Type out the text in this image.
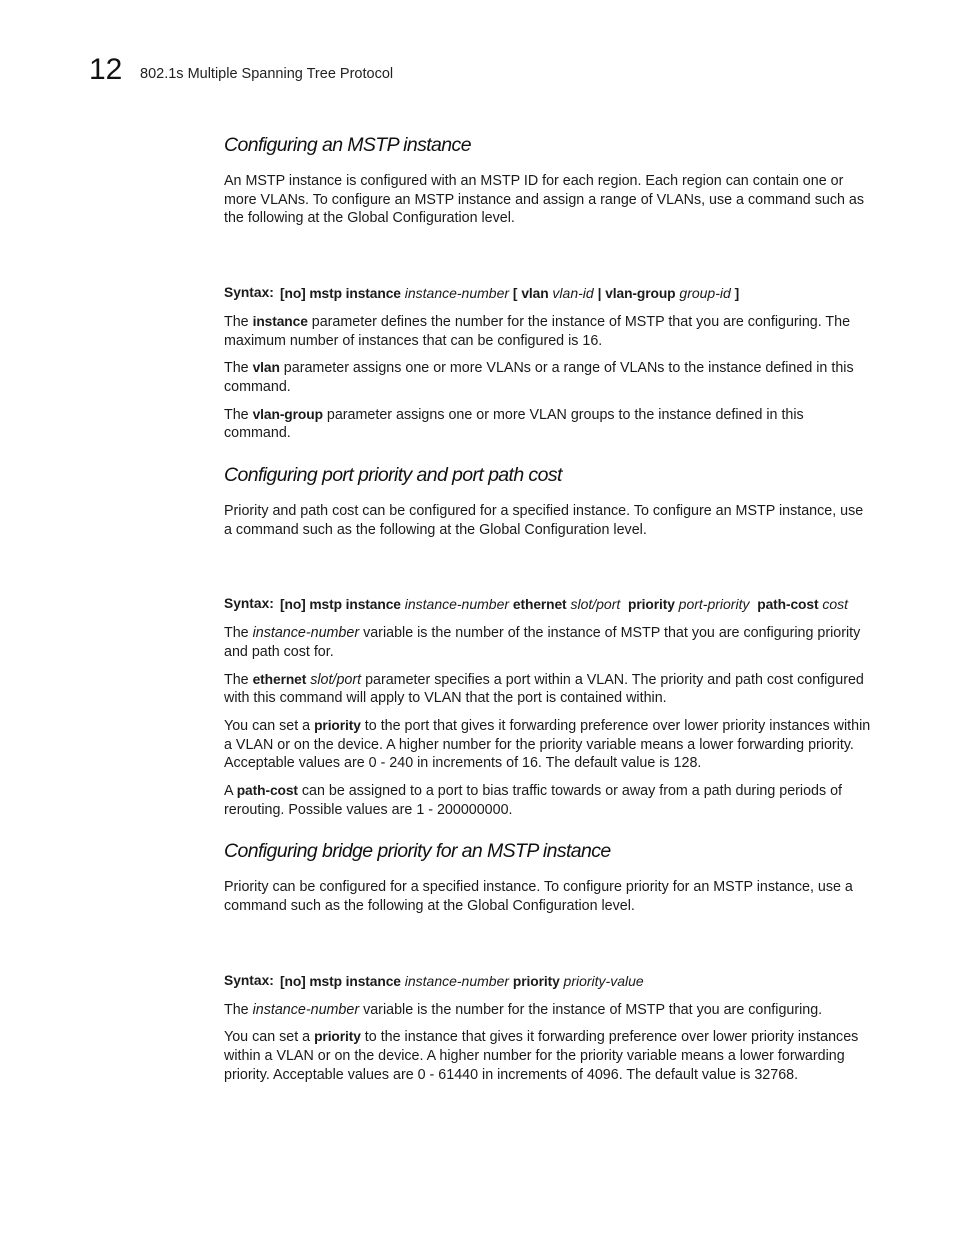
12 802.1s Multiple Spanning Tree Protocol
Configuring an MSTP instance

An MSTP instance is configured with an MSTP ID for each region. Each region can contain one or more VLANs. To configure an MSTP instance and assign a range of VLANs, use a command such as the following at the Global Configuration level.

Syntax: [no] mstp instance instance-number [ vlan vlan-id | vlan-group group-id ]

The instance parameter defines the number for the instance of MSTP that you are configuring. The maximum number of instances that can be configured is 16.

The vlan parameter assigns one or more VLANs or a range of VLANs to the instance defined in this command.

The vlan-group parameter assigns one or more VLAN groups to the instance defined in this command.

Configuring port priority and port path cost

Priority and path cost can be configured for a specified instance. To configure an MSTP instance, use a command such as the following at the Global Configuration level.

Syntax: [no] mstp instance instance-number ethernet slot/port priority port-priority path-cost cost

The instance-number variable is the number of the instance of MSTP that you are configuring priority and path cost for.

The ethernet slot/port parameter specifies a port within a VLAN. The priority and path cost configured with this command will apply to VLAN that the port is contained within.

You can set a priority to the port that gives it forwarding preference over lower priority instances within a VLAN or on the device. A higher number for the priority variable means a lower forwarding priority. Acceptable values are 0 - 240 in increments of 16. The default value is 128.

A path-cost can be assigned to a port to bias traffic towards or away from a path during periods of rerouting. Possible values are 1 - 200000000.

Configuring bridge priority for an MSTP instance

Priority can be configured for a specified instance. To configure priority for an MSTP instance, use a command such as the following at the Global Configuration level.

Syntax: [no] mstp instance instance-number priority priority-value

The instance-number variable is the number for the instance of MSTP that you are configuring.

You can set a priority to the instance that gives it forwarding preference over lower priority instances within a VLAN or on the device. A higher number for the priority variable means a lower forwarding priority. Acceptable values are 0 - 61440 in increments of 4096. The default value is 32768.
